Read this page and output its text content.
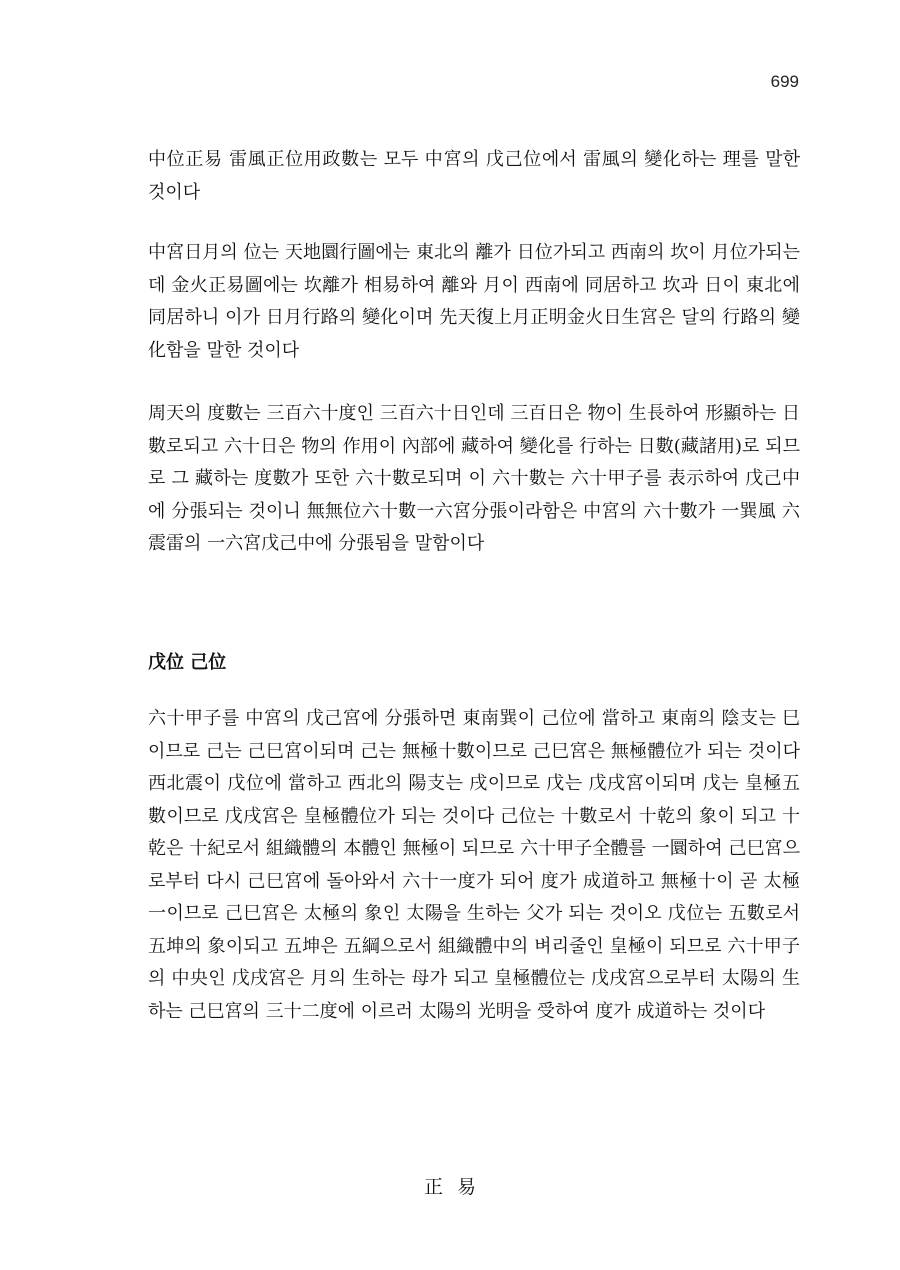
699

中位正易 雷風正位用政數는 모두 中宮의 戊己位에서 雷風의 變化하는 理를 말한 것이다

中宮日月의 位는 天地圜行圖에는 東北의 離가 日位가되고 西南의 坎이 月位가되는데 金火正易圖에는 坎離가 相易하여 離와 月이 西南에 同居하고 坎과 日이 東北에 同居하니 이가 日月行路의 變化이며 先天復上月正明金火日生宮은 달의 行路의 變化함을 말한 것이다

周天의 度數는 三百六十度인 三百六十日인데 三百日은 物이 生長하여 形顯하는 日數로되고 六十日은 物의 作用이 內部에 藏하여 變化를 行하는 日數(藏諸用)로 되므로 그 藏하는 度數가 또한 六十數로되며 이 六十數는 六十甲子를 表示하여 戊己中에 分張되는 것이니 無無位六十數一六宮分張이라함은 中宮의 六十數가 一巽風 六震雷의 一六宮戊己中에 分張됨을 말함이다

戊位 己位

六十甲子를 中宮의 戊己宮에 分張하면 東南巽이 己位에 當하고 東南의 陰支는 巳이므로 己는 己巳宮이되며 己는 無極十數이므로 己巳宮은 無極體位가 되는 것이다 西北震이 戊位에 當하고 西北의 陽支는 戌이므로 戊는 戊戌宮이되며 戊는 皇極五數이므로 戊戌宮은 皇極體位가 되는 것이다 己位는 十數로서 十乾의 象이 되고 十乾은 十紀로서 組織體의 本體인 無極이 되므로 六十甲子全體를 一圜하여 己巳宮으로부터 다시 己巳宮에 돌아와서 六十一度가 되어 度가 成道하고 無極十이 곧 太極一이므로 己巳宮은 太極의 象인 太陽을 生하는 父가 되는 것이오 戊位는 五數로서 五坤의 象이되고 五坤은 五綱으로서 組織體中의 벼리줄인 皇極이 되므로 六十甲子의 中央인 戊戌宮은 月의 生하는 母가 되고 皇極體位는 戊戌宮으로부터 太陽의 生하는 己巳宮의 三十二度에 이르러 太陽의 光明을 受하여 度가 成道하는 것이다

正易
